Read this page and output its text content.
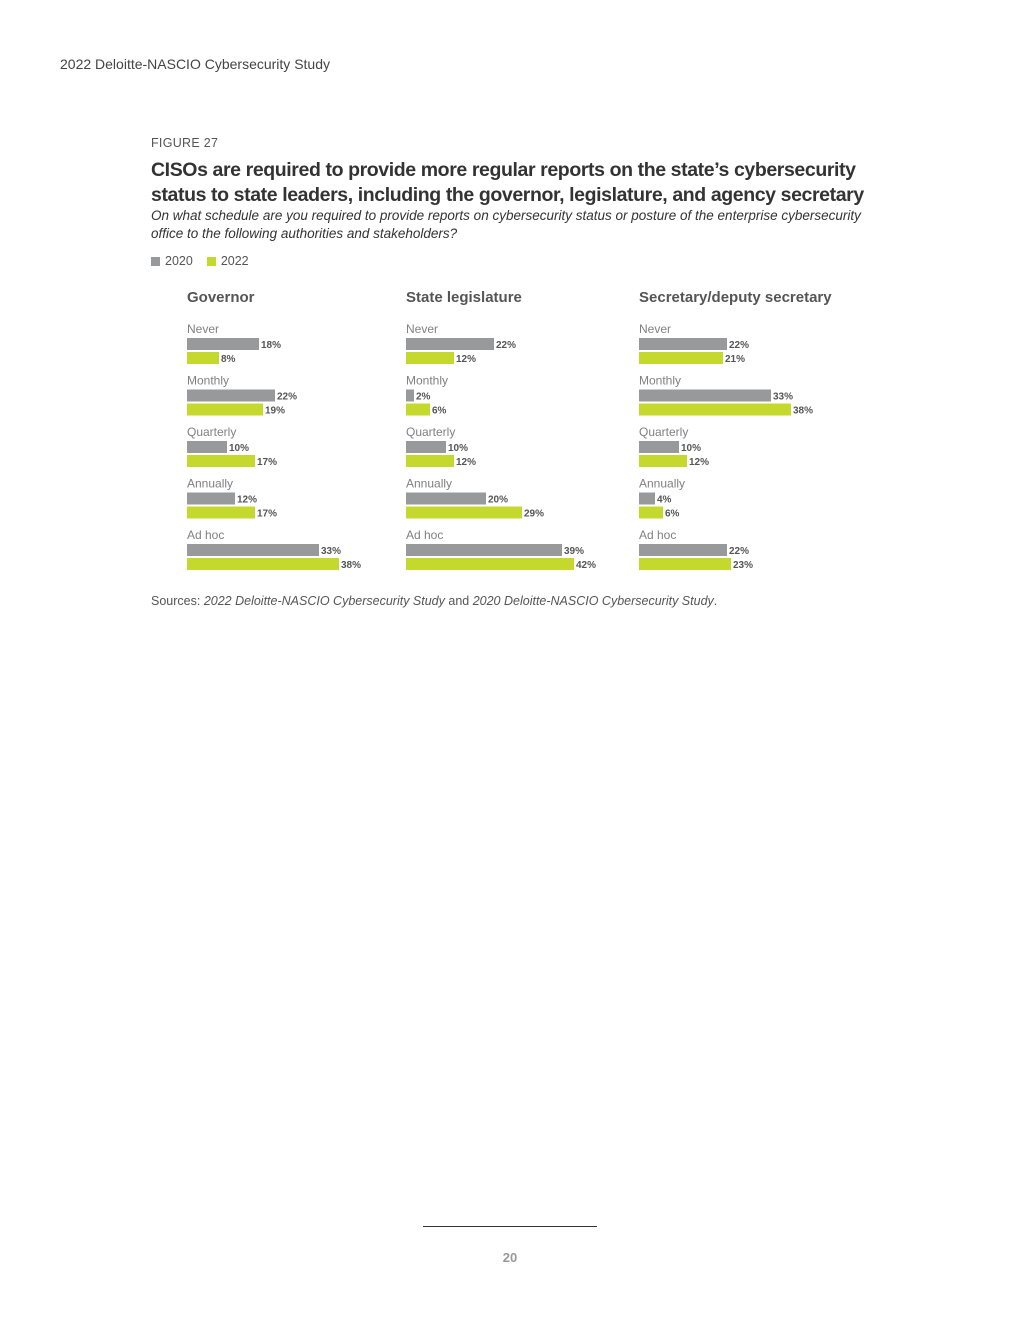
2022 Deloitte-NASCIO Cybersecurity Study
FIGURE 27
CISOs are required to provide more regular reports on the state’s cybersecurity status to state leaders, including the governor, legislature, and agency secretary
On what schedule are you required to provide reports on cybersecurity status or posture of the enterprise cybersecurity office to the following authorities and stakeholders?
2020 2022
Governor
Never
18%
8%
Monthly
22%
19%
Quarterly
10%
17%
Annually
12%
17%
Ad hoc
33%
38%
State legislature
Never
22%
12%
Monthly
2%
6%
Quarterly
10%
12%
Annually
20%
29%
Ad hoc
39%
42%
Secretary/deputy secretary
Never
22%
21%
Monthly
33%
38%
Quarterly
10%
12%
Annually
4%
6%
Ad hoc
22%
23%
Sources: 2022 Deloitte-NASCIO Cybersecurity Study and 2020 Deloitte-NASCIO Cybersecurity Study.
20
